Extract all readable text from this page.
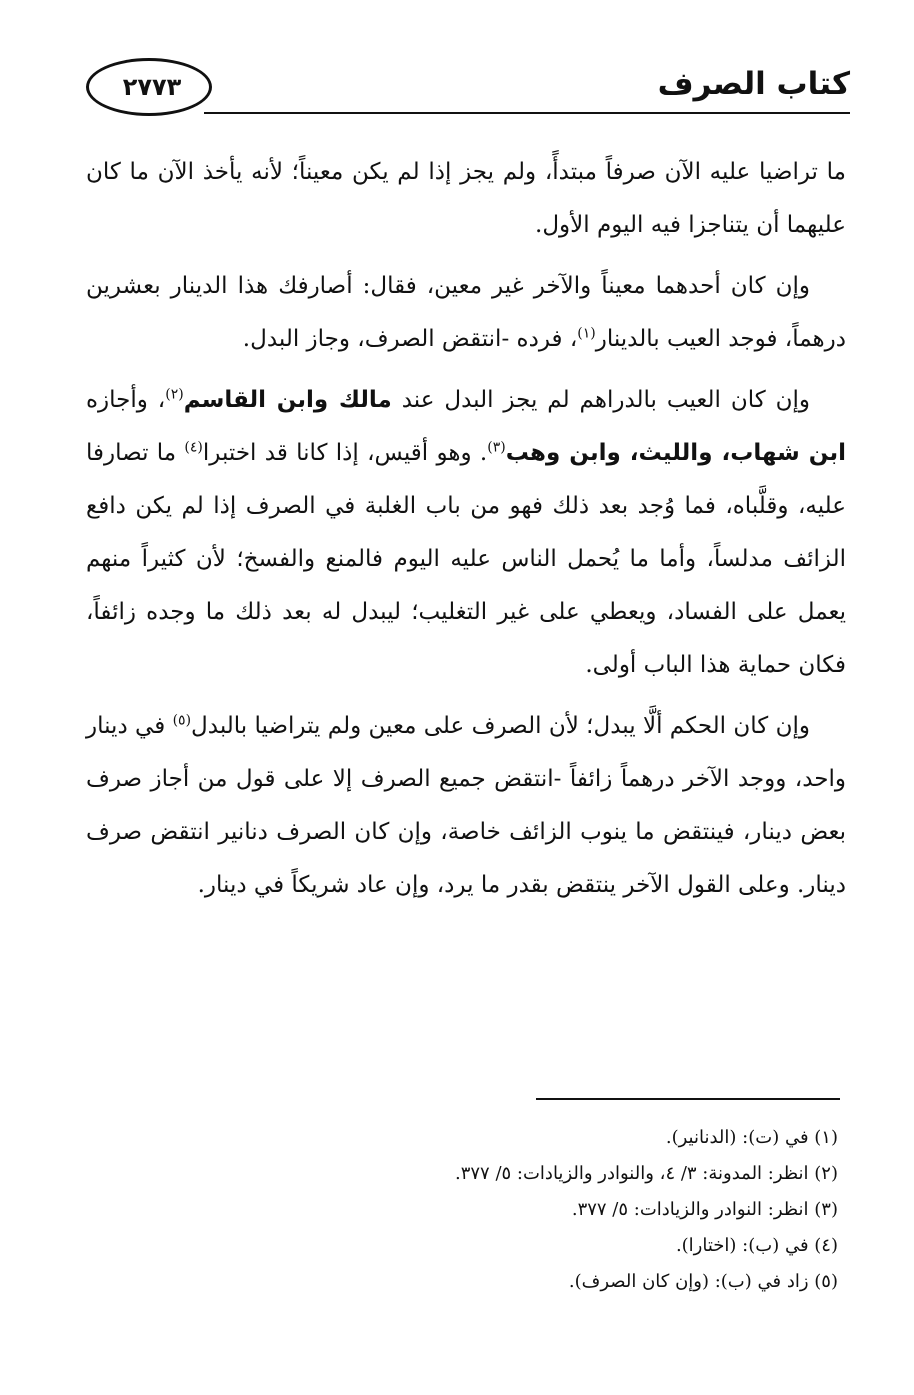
كتاب الصرف
٢٧٧٣

ما تراضيا عليه الآن صرفاً مبتدأً، ولم يجز إذا لم يكن معيناً؛ لأنه يأخذ الآن ما كان عليهما أن يتناجزا فيه اليوم الأول.

وإن كان أحدهما معيناً والآخر غير معين، فقال: أصارفك هذا الدينار بعشرين درهماً، فوجد العيب بالدينار$^{(١)}$، فرده -انتقض الصرف، وجاز البدل.

وإن كان العيب بالدراهم لم يجز البدل عند مالك وابن القاسم$^{(٢)}$، وأجازه ابن شهاب، والليث، وابن وهب$^{(٣)}$. وهو أقيس، إذا كانا قد اختبرا$^{(٤)}$ ما تصارفا عليه، وقلَّباه، فما وُجد بعد ذلك فهو من باب الغلبة في الصرف إذا لم يكن دافع الزائف مدلساً، وأما ما يُحمل الناس عليه اليوم فالمنع والفسخ؛ لأن كثيراً منهم يعمل على الفساد، ويعطي على غير التغليب؛ ليبدل له بعد ذلك ما وجده زائفاً، فكان حماية هذا الباب أولى.

وإن كان الحكم ألَّا يبدل؛ لأن الصرف على معين ولم يتراضيا بالبدل$^{(٥)}$ في دينار واحد، ووجد الآخر درهماً زائفاً -انتقض جميع الصرف إلا على قول من أجاز صرف بعض دينار، فينتقض ما ينوب الزائف خاصة، وإن كان الصرف دنانير انتقض صرف دينار. وعلى القول الآخر ينتقض بقدر ما يرد، وإن عاد شريكاً في دينار.

(١) في (ت): (الدنانير).

(٢) انظر: المدونة: ٣/ ٤، والنوادر والزيادات: ٥/ ٣٧٧.

(٣) انظر: النوادر والزيادات: ٥/ ٣٧٧.

(٤) في (ب): (اختارا).

(٥) زاد في (ب): (وإن كان الصرف).
